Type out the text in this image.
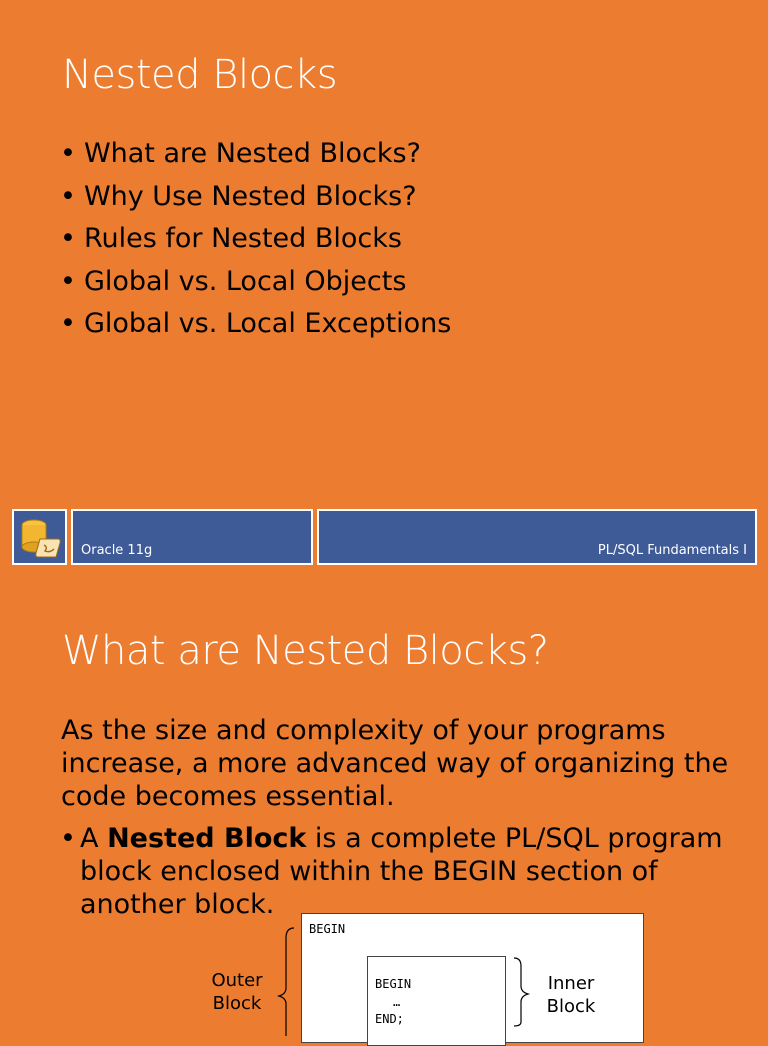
Nested Blocks
• What are Nested Blocks?
• Why Use Nested Blocks?
• Rules for Nested Blocks
• Global vs. Local Objects
• Global vs. Local Exceptions
Oracle 11g	PL/SQL Fundamentals I
What are Nested Blocks?

As the size and complexity of your programs increase, a more advanced way of organizing the code becomes essential.

• A Nested Block is a complete PL/SQL program block enclosed within the BEGIN section of another block.
BEGIN
BEGIN
…
END;
Outer
Block
Inner
Block
